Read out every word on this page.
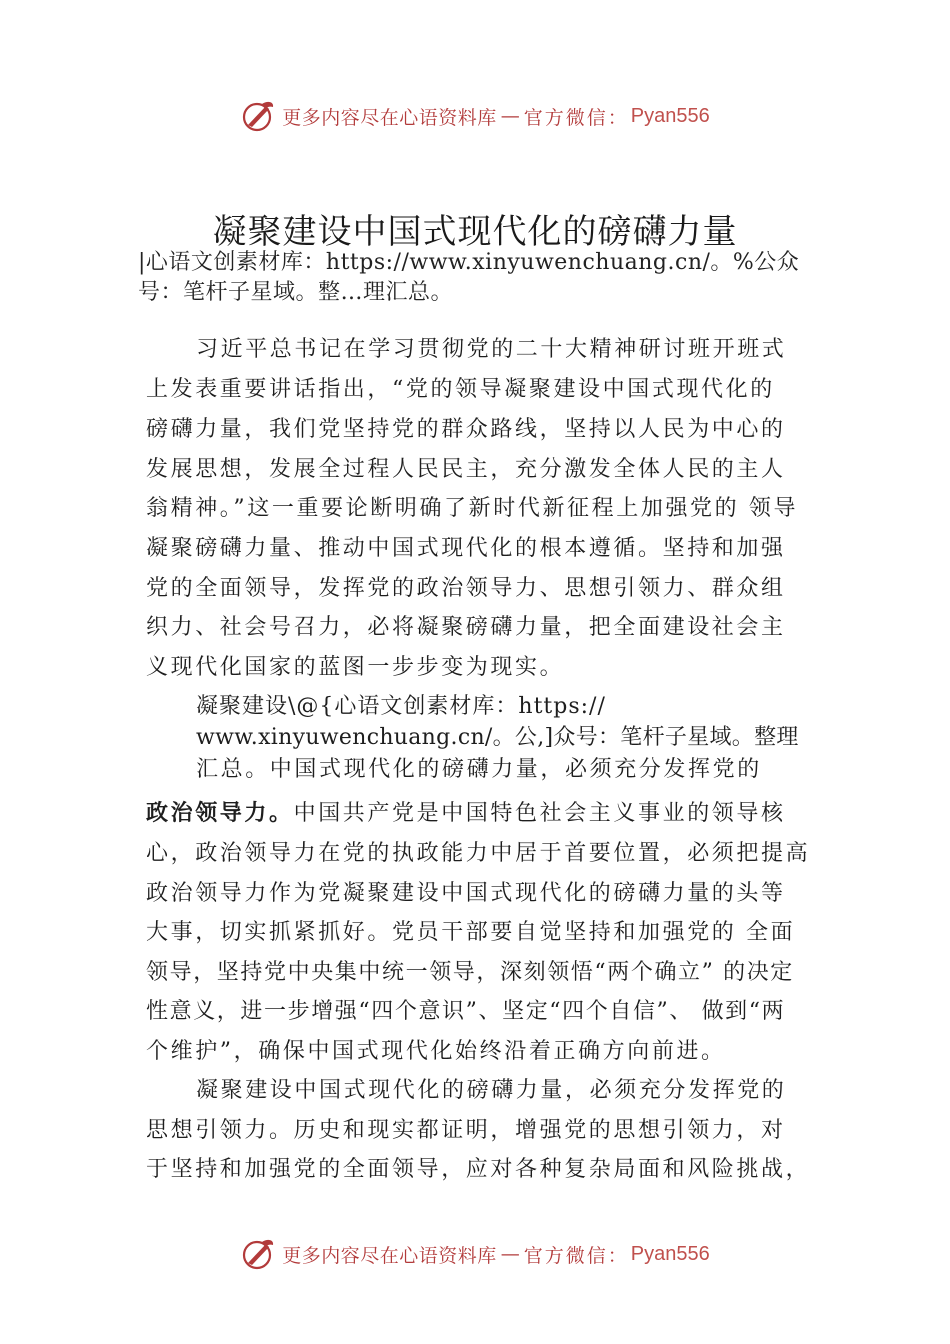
更多内容尽在心语资料库 — 官方微信： Pyan556
凝聚建设中国式现代化的磅礴力量
|心语文创素材库：https://www.xinyuwenchuang.cn/。%公众
号：笔杆子星域。整…理汇总。
习近平总书记在学习贯彻党的二十大精神研讨班开班式
上发表重要讲话指出，“党的领导凝聚建设中国式现代化的
磅礴力量，我们党坚持党的群众路线，坚持以人民为中心的
发展思想，发展全过程人民民主，充分激发全体人民的主人
翁精神。”这一重要论断明确了新时代新征程上加强党的 领导
凝聚磅礴力量、推动中国式现代化的根本遵循。坚持和加强
党的全面领导，发挥党的政治领导力、思想引领力、群众组
织力、社会号召力，必将凝聚磅礴力量，把全面建设社会主
义现代化国家的蓝图一步步变为现实。
凝聚建设\@{心语文创素材库：https://
www.xinyuwenchuang.cn/。公,]众号：笔杆子星域。整理
汇总。中国式现代化的磅礴力量，必须充分发挥党的
政治领导力。中国共产党是中国特色社会主义事业的领导核
心，政治领导力在党的执政能力中居于首要位置，必须把提高
政治领导力作为党凝聚建设中国式现代化的磅礴力量的头等
大事，切实抓紧抓好。党员干部要自觉坚持和加强党的 全面
领导，坚持党中央集中统一领导，深刻领悟“两个确立” 的决定
性意义，进一步增强“四个意识”、坚定“四个自信”、 做到“两
个维护”，确保中国式现代化始终沿着正确方向前进。
凝聚建设中国式现代化的磅礴力量，必须充分发挥党的
思想引领力。历史和现实都证明，增强党的思想引领力，对
于坚持和加强党的全面领导，应对各种复杂局面和风险挑战，
更多内容尽在心语资料库 — 官方微信： Pyan556
